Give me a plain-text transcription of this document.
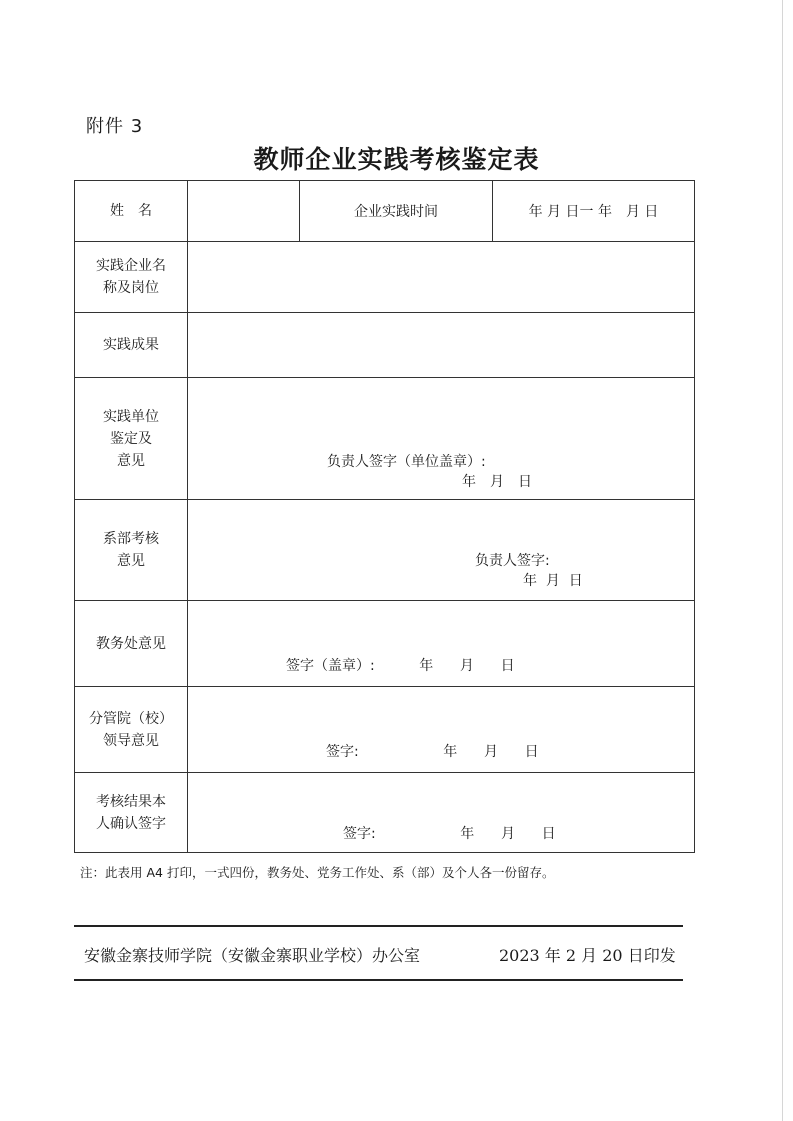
附件 3
教师企业实践考核鉴定表
姓　名		企业实践时间	年 月 日一 年　月 日

实践企业名
称及岗位			

实践成果			

实践单位
鉴定及
意见	负责人签字（单位盖章）:
年　月　日		

系部考核
意见	负责人签字:
年  月  日		

教务处意见	签字（盖章）:          年      月      日		

分管院（校）
领导意见	签字:                   年      月      日		

考核结果本
人确认签字	签字:                   年      月      日		
注：此表用 A4 打印，一式四份，教务处、党务工作处、系（部）及个人各一份留存。
安徽金寨技师学院（安徽金寨职业学校）办公室	2023 年 2 月 20 日印发
